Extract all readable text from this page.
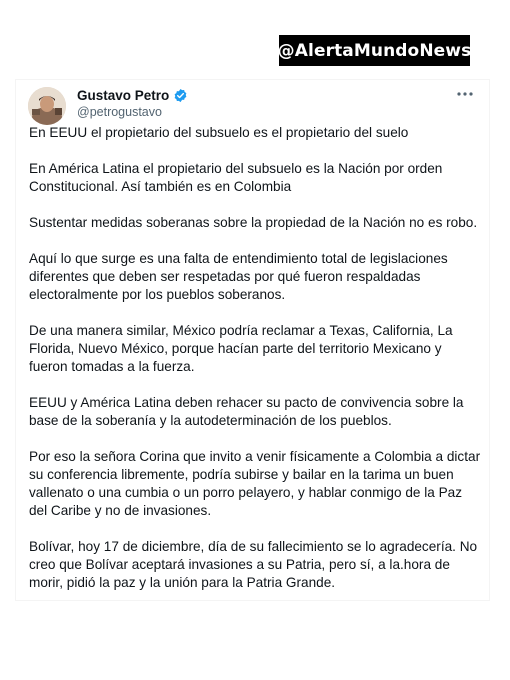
@AlertaMundoNews
Gustavo Petro
@petrogustavo

En EEUU el propietario del subsuelo es el propietario del suelo

En América Latina el propietario del subsuelo es la Nación por orden Constitucional. Así también es en Colombia

Sustentar medidas soberanas sobre la propiedad de la Nación no es robo.

Aquí lo que surge es una falta de entendimiento total de legislaciones diferentes que deben ser respetadas por qué fueron respaldadas electoralmente por los pueblos soberanos.

De una manera similar, México podría reclamar a Texas, California, La Florida, Nuevo México, porque hacían parte del territorio Mexicano y fueron tomadas a la fuerza.

EEUU y América Latina deben rehacer su pacto de convivencia sobre la base de la soberanía y la autodeterminación de los pueblos.

Por eso la señora Corina que invito a venir físicamente a Colombia a dictar su conferencia libremente, podría subirse y bailar en la tarima un buen vallenato o una cumbia o un porro pelayero, y hablar conmigo de la Paz del Caribe y no de invasiones.

Bolívar, hoy 17 de diciembre, día de su fallecimiento se lo agradecería. No creo que Bolívar aceptará invasiones a su Patria, pero sí, a la.hora de morir, pidió la paz y la unión para la Patria Grande.
